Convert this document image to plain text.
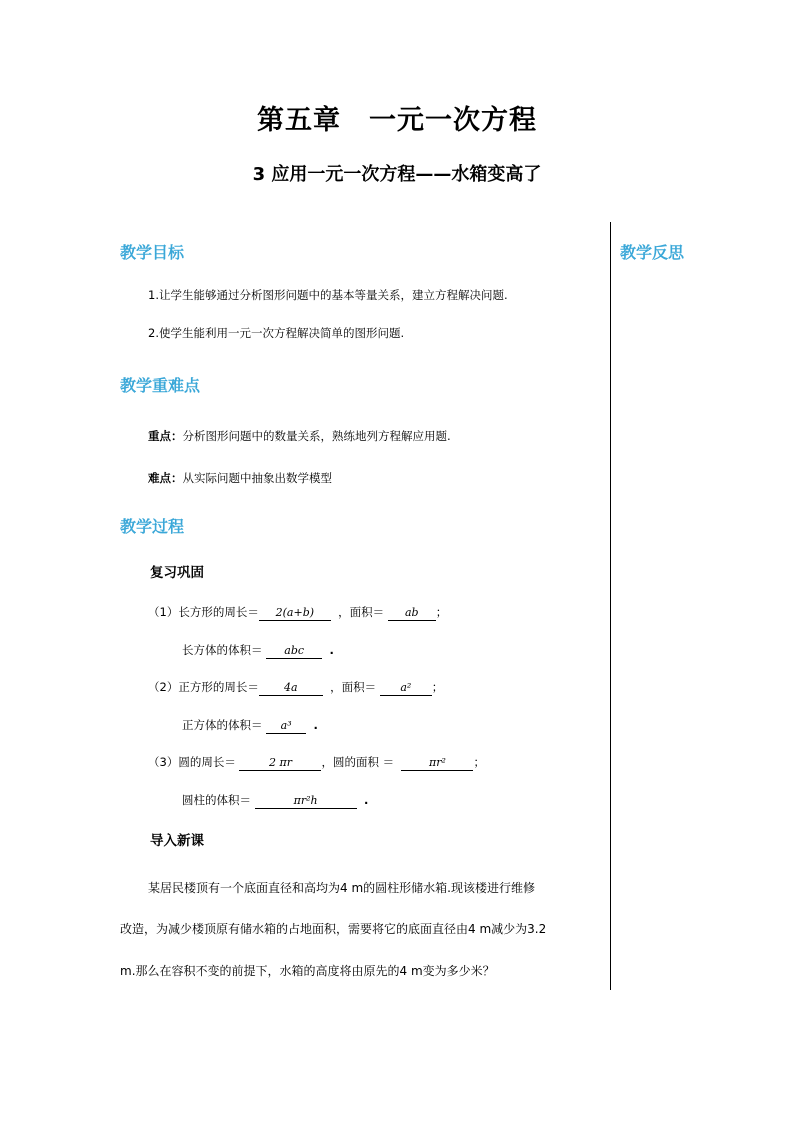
第五章　一元一次方程
3 应用一元一次方程——水箱变高了
教学目标	教学反思
1.让学生能够通过分析图形问题中的基本等量关系，建立方程解决问题.
2.使学生能利用一元一次方程解决简单的图形问题.
教学重难点
重点：分析图形问题中的数量关系，熟练地列方程解应用题.
难点：从实际问题中抽象出数学模型
教学过程
复习巩固
（1）长方形的周长＝ 2(a+b) ，面积＝ ab ；
长方体的体积＝ abc .
（2）正方形的周长＝ 4a	，面积＝ a² ；
正方体的体积＝ a³ .
（3）圆的周长＝	2 πr	，圆的面积 ＝	πr² ；
圆柱的体积＝	πr²h	.
导入新课
某居民楼顶有一个底面直径和高均为4 m的圆柱形储水箱.现该楼进行维修
改造，为减少楼顶原有储水箱的占地面积，需要将它的底面直径由4 m减少为3.2
m.那么在容积不变的前提下，水箱的高度将由原先的4 m变为多少米？
